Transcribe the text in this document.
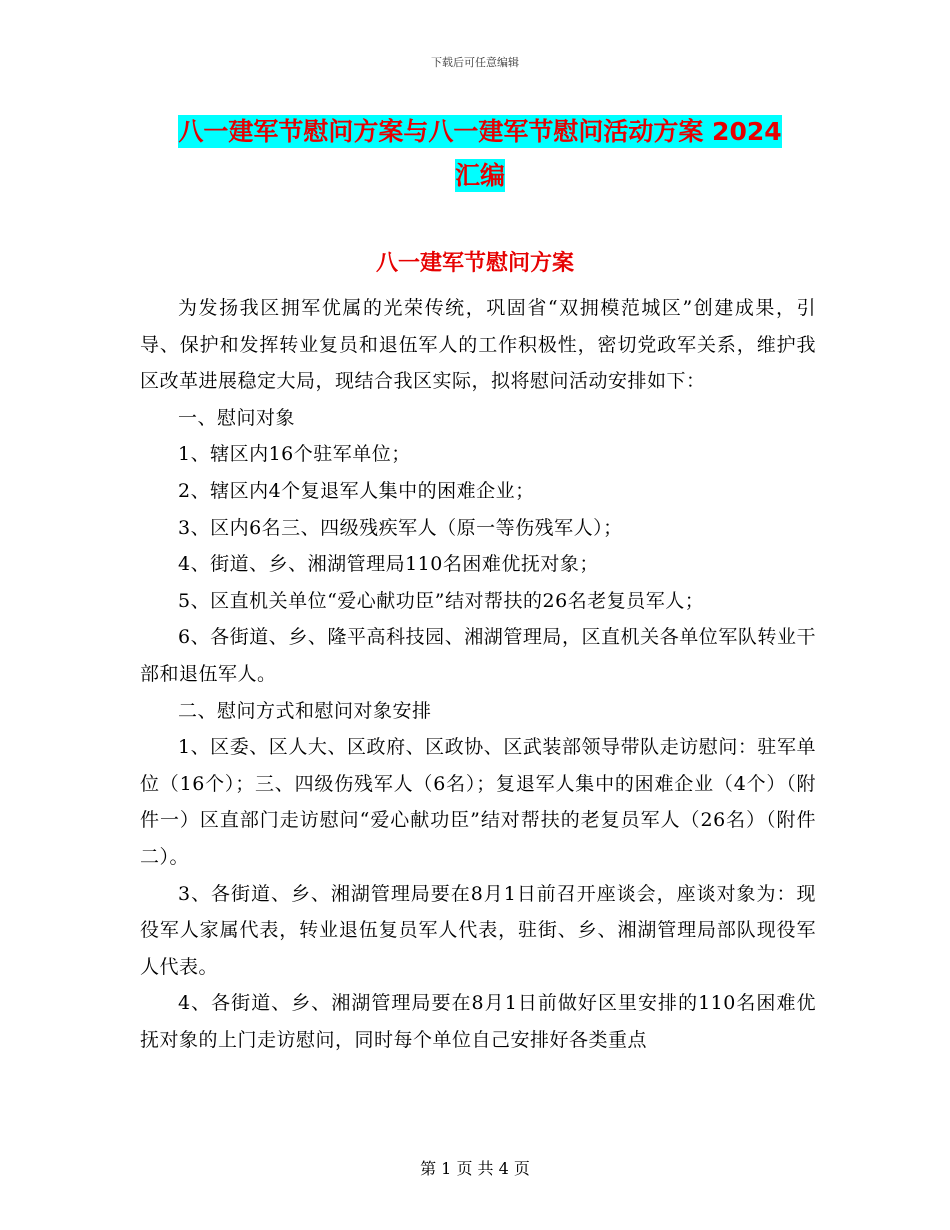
下载后可任意编辑
八一建军节慰问方案与八一建军节慰问活动方案 2024
汇编
八一建军节慰问方案

为发扬我区拥军优属的光荣传统，巩固省“双拥模范城区”创建成果，引导、保护和发挥转业复员和退伍军人的工作积极性，密切党政军关系，维护我区改革进展稳定大局，现结合我区实际，拟将慰问活动安排如下：

一、慰问对象

1、辖区内16个驻军单位；

2、辖区内4个复退军人集中的困难企业；

3、区内6名三、四级残疾军人（原一等伤残军人）；

4、街道、乡、湘湖管理局110名困难优抚对象；

5、区直机关单位“爱心献功臣”结对帮扶的26名老复员军人；

6、各街道、乡、隆平高科技园、湘湖管理局，区直机关各单位军队转业干部和退伍军人。

二、慰问方式和慰问对象安排

1、区委、区人大、区政府、区政协、区武装部领导带队走访慰问：驻军单位（16个）；三、四级伤残军人（6名）；复退军人集中的困难企业（4个）（附件一）区直部门走访慰问“爱心献功臣”结对帮扶的老复员军人（26名）（附件二）。

3、各街道、乡、湘湖管理局要在8月1日前召开座谈会，座谈对象为：现役军人家属代表，转业退伍复员军人代表，驻街、乡、湘湖管理局部队现役军人代表。

4、各街道、乡、湘湖管理局要在8月1日前做好区里安排的110名困难优抚对象的上门走访慰问，同时每个单位自己安排好各类重点

第 1 页 共 4 页
